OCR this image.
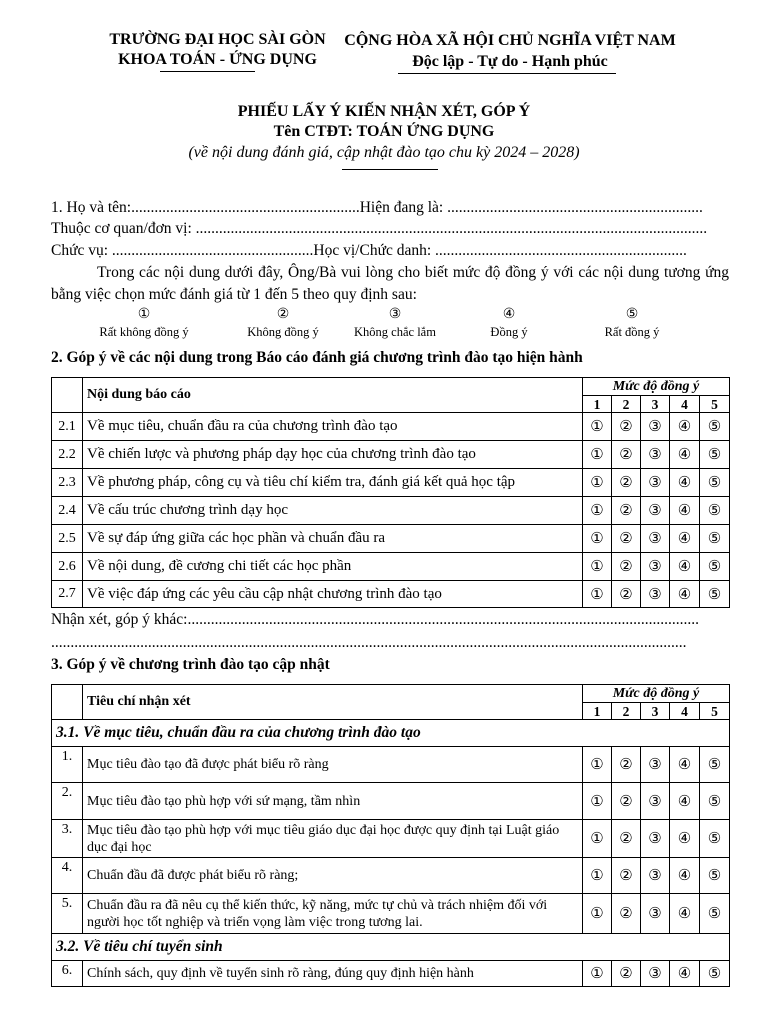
TRƯỜNG ĐẠI HỌC SÀI GÒN
KHOA TOÁN - ỨNG DỤNG
CỘNG HÒA XÃ HỘI CHỦ NGHĨA VIỆT NAM
Độc lập - Tự do - Hạnh phúc
PHIẾU LẤY Ý KIẾN NHẬN XÉT, GÓP Ý
Tên CTĐT: TOÁN ỨNG DỤNG
(về nội dung đánh giá, cập nhật đào tạo chu kỳ 2024 – 2028)
1. Họ và tên:...........................................................Hiện đang là: ..................................................................
Thuộc cơ quan/đơn vị: ....................................................................................................................................
Chức vụ: ....................................................Học vị/Chức danh: .................................................................
Trong các nội dung dưới đây, Ông/Bà vui lòng cho biết mức độ đồng ý với các nội dung tương ứng bằng việc chọn mức đánh giá từ 1 đến 5 theo quy định sau:
①
Rất không đồng ý
②
Không đồng ý
③
Không chắc lắm
④
Đồng ý
⑤
Rất đồng ý
2. Góp ý về các nội dung trong Báo cáo đánh giá chương trình đào tạo hiện hành
	Nội dung báo cáo	Mức độ đồng ý				
		1	2	3	4	5
2.1	Về mục tiêu, chuẩn đầu ra của chương trình đào tạo	①	②	③	④	⑤
2.2	Về chiến lược và phương pháp dạy học của chương trình đào tạo	①	②	③	④	⑤
2.3	Về phương pháp, công cụ và tiêu chí kiểm tra, đánh giá kết quả học tập	①	②	③	④	⑤
2.4	Về cấu trúc chương trình dạy học	①	②	③	④	⑤
2.5	Về sự đáp ứng giữa các học phần và chuẩn đầu ra	①	②	③	④	⑤
2.6	Về nội dung, đề cương chi tiết các học phần	①	②	③	④	⑤
2.7	Về việc đáp ứng các yêu cầu cập nhật chương trình đào tạo	①	②	③	④	⑤
Nhận xét, góp ý khác:....................................................................................................................................
....................................................................................................................................................................
3. Góp ý về chương trình đào tạo cập nhật
	Tiêu chí nhận xét	Mức độ đồng ý				
		1	2	3	4	5
3.1. Về mục tiêu, chuẩn đầu ra của chương trình đào tạo						
1.	Mục tiêu đào tạo đã được phát biểu rõ ràng	①	②	③	④	⑤
2.	Mục tiêu đào tạo phù hợp với sứ mạng, tầm nhìn	①	②	③	④	⑤
3.	Mục tiêu đào tạo phù hợp với mục tiêu giáo dục đại học được quy định tại Luật giáo dục đại học	①	②	③	④	⑤
4.	Chuẩn đầu đã được phát biểu rõ ràng;	①	②	③	④	⑤
5.	Chuẩn đầu ra đã nêu cụ thể kiến thức, kỹ năng, mức tự chủ và trách nhiệm đối với người học tốt nghiệp và triển vọng làm việc trong tương lai.	①	②	③	④	⑤
3.2. Về tiêu chí tuyển sinh						
6.	Chính sách, quy định về tuyển sinh rõ ràng, đúng quy định hiện hành	①	②	③	④	⑤
